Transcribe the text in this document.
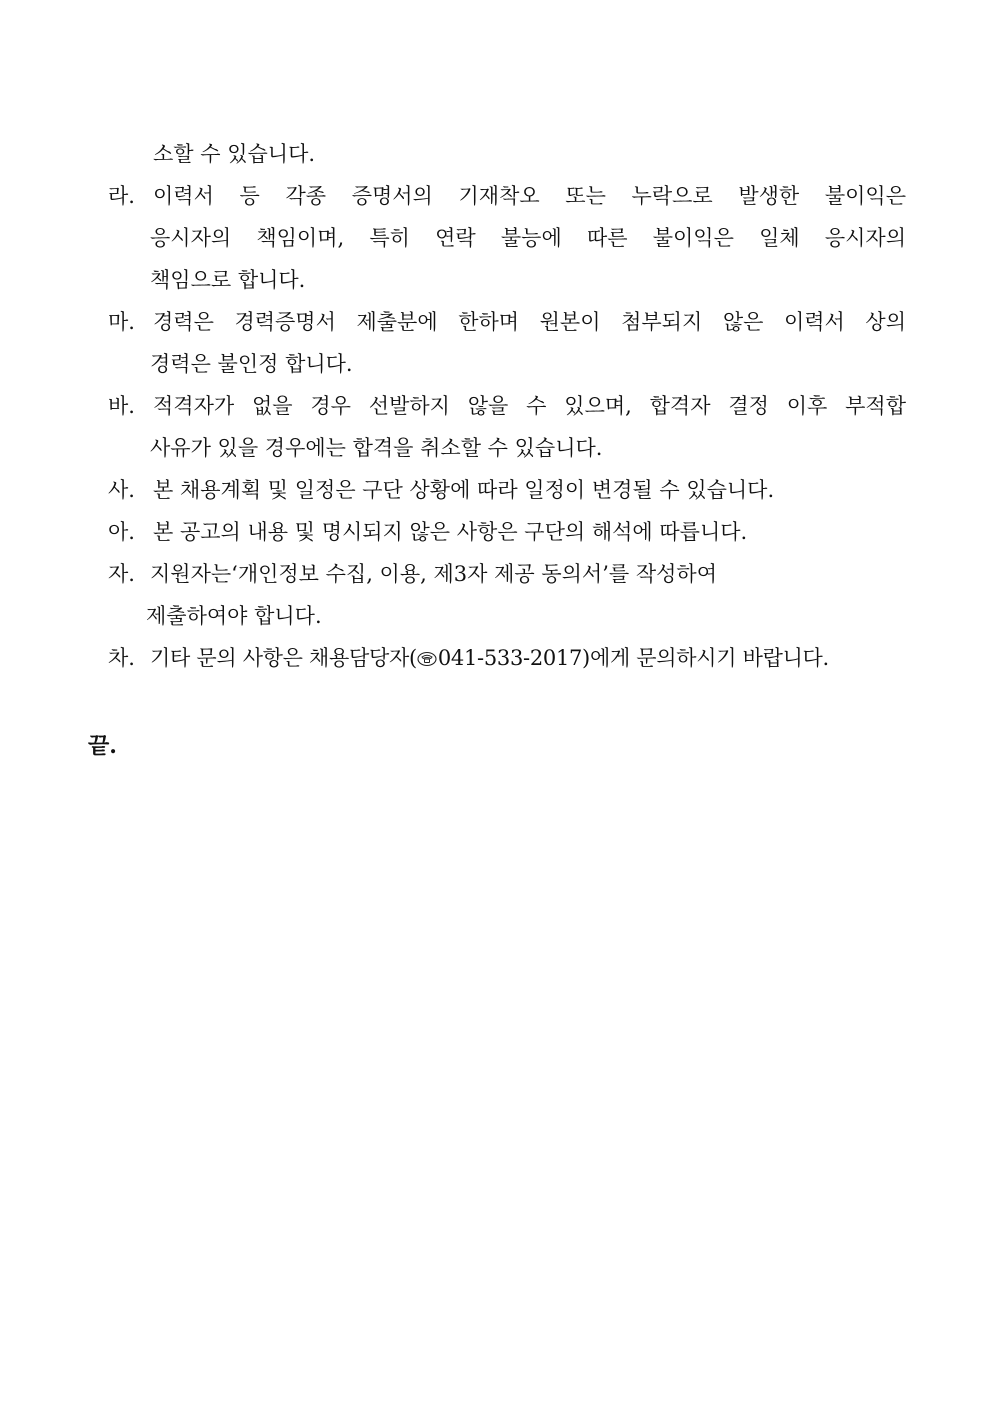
소할 수 있습니다.
라. 이력서 등 각종 증명서의 기재착오 또는 누락으로 발생한 불이익은
응시자의 책임이며, 특히 연락 불능에 따른 불이익은 일체 응시자의
책임으로 합니다.
마. 경력은 경력증명서 제출분에 한하며 원본이 첨부되지 않은 이력서 상의
경력은 불인정 합니다.
바. 적격자가 없을 경우 선발하지 않을 수 있으며, 합격자 결정 이후 부적합
사유가 있을 경우에는 합격을 취소할 수 있습니다.
사. 본 채용계획 및 일정은 구단 상황에 따라 일정이 변경될 수 있습니다.
아. 본 공고의 내용 및 명시되지 않은 사항은 구단의 해석에 따릅니다.
자. 지원자는‘개인정보 수집, 이용, 제3자 제공 동의서’를 작성하여
제출하여야 합니다.
차. 기타 문의 사항은 채용담당자( 041-533-2017)에게 문의하시기 바랍니다.
끝.
